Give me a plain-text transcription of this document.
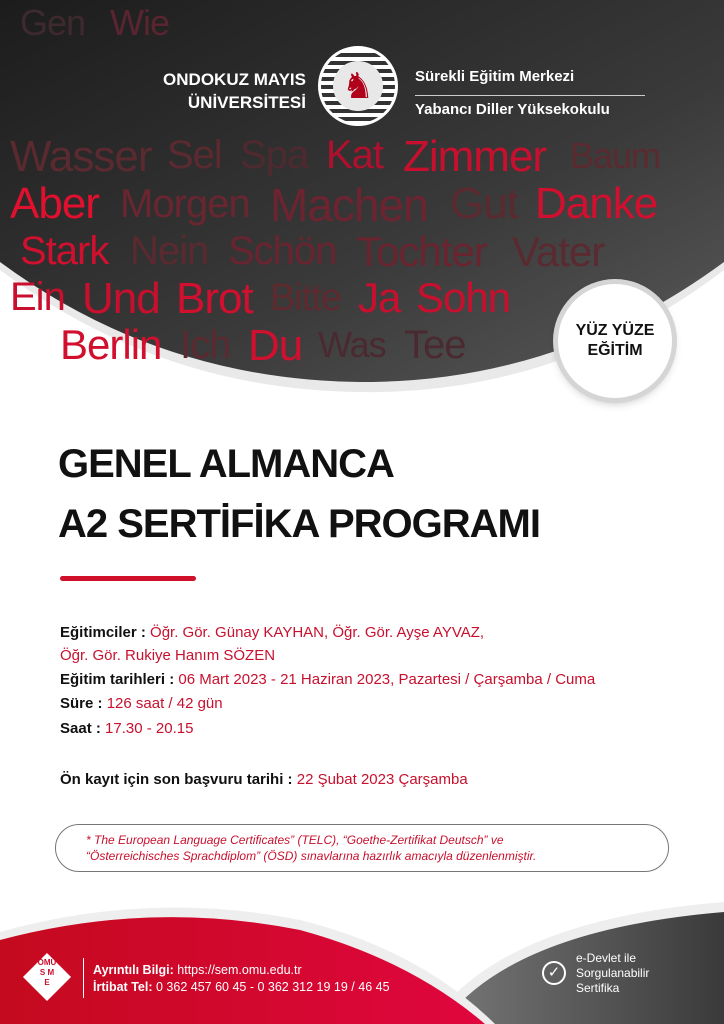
Gen Wie
Wasser Sel Spa Kat Zimmer Baum
Aber Morgen Machen Gut Danke
Stark Nein Schön Tochter Vater
Ein Und Brot Bitte Ja Sohn
Berlin Ich Du Was Tee
ONDOKUZ MAYIS
ÜNİVERSİTESİ ♞	Sürekli Eğitim Merkezi
Yabancı Diller Yüksekokulu
YÜZ YÜZE
EĞİTİM
GENEL ALMANCA
A2 SERTİFİKA PROGRAMI
Eğitimciler : Öğr. Gör. Günay KAYHAN, Öğr. Gör. Ayşe AYVAZ,
Öğr. Gör. Rukiye Hanım SÖZEN
Eğitim tarihleri : 06 Mart 2023 - 21 Haziran 2023, Pazartesi / Çarşamba / Cuma
Süre : 126 saat / 42 gün
Saat : 17.30 - 20.15
Ön kayıt için son başvuru tarihi : 22 Şubat 2023 Çarşamba
* The European Language Certificates” (TELC), “Goethe-Zertifikat Deutsch” ve
“Österreichisches Sprachdiplom” (ÖSD) sınavlarına hazırlık amacıyla düzenlenmiştir.
ÖMÜ
S M
E
Ayrıntılı Bilgi: https://sem.omu.edu.tr
İrtibat Tel: 0 362 457 60 45 - 0 362 312 19 19 / 46 45
✓
e-Devlet ile
Sorgulanabilir
Sertifika
